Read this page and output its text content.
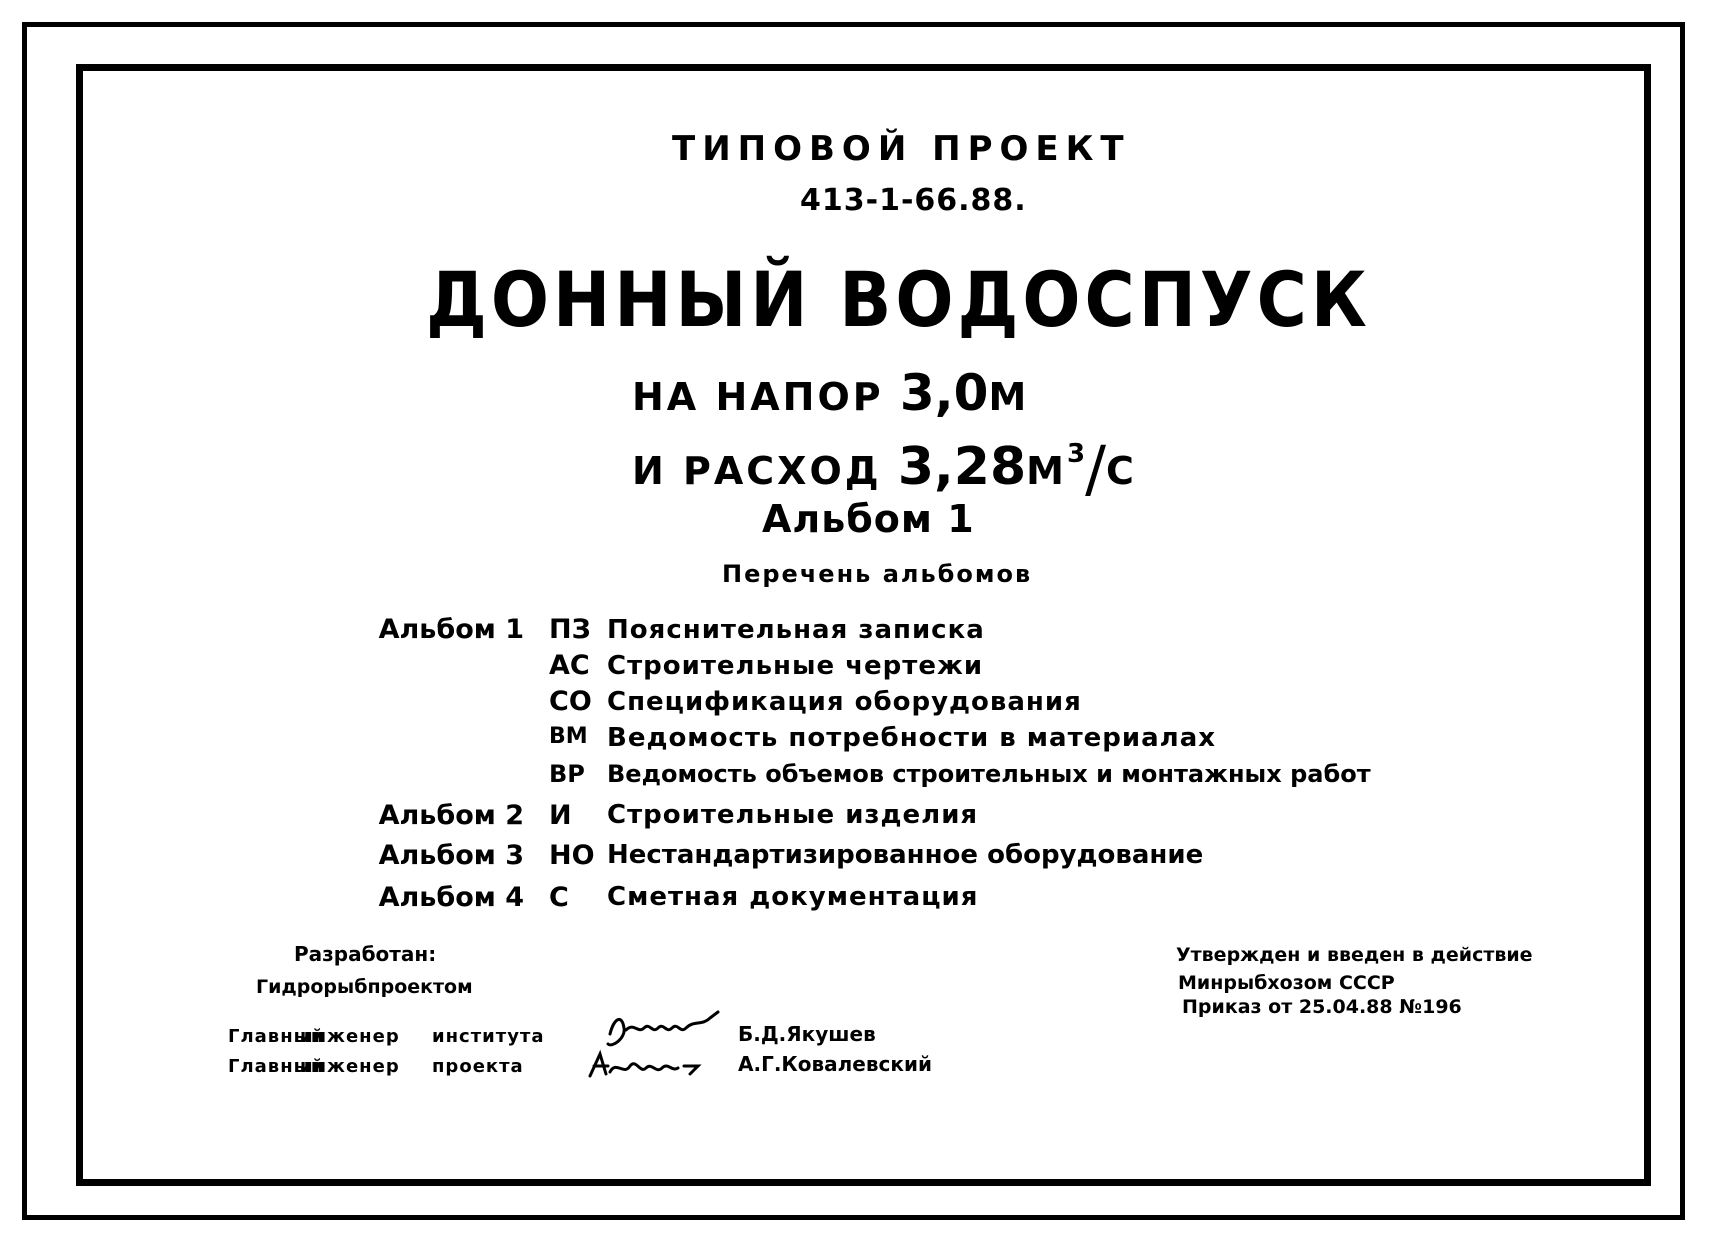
ТИПОВОЙ ПРОЕКТ
413-1-66.88.
ДОННЫЙ ВОДОСПУСК
НА НАПОР 3,0М
И РАСХОД $3,28М^3/С$
Альбом 1
Перечень альбомов
Альбом 1 ПЗ Пояснительная записка
АС Строительные чертежи
СО Спецификация оборудования
ВМ Ведомость потребности в материалах
ВР Ведомость объемов строительных и монтажных работ
Альбом 2 И Строительные изделия
Альбом 3 НО Нестандартизированное оборудование
Альбом 4 С Сметная документация
Разработан:
Гидрорыбпроектом
Главный
инженер института	Б.Д.Якушев
Главный
инженер проекта	А.Г.Ковалевский
Утвержден и введен в действие
Минрыбхозом СССР
Приказ от 25.04.88 №196
